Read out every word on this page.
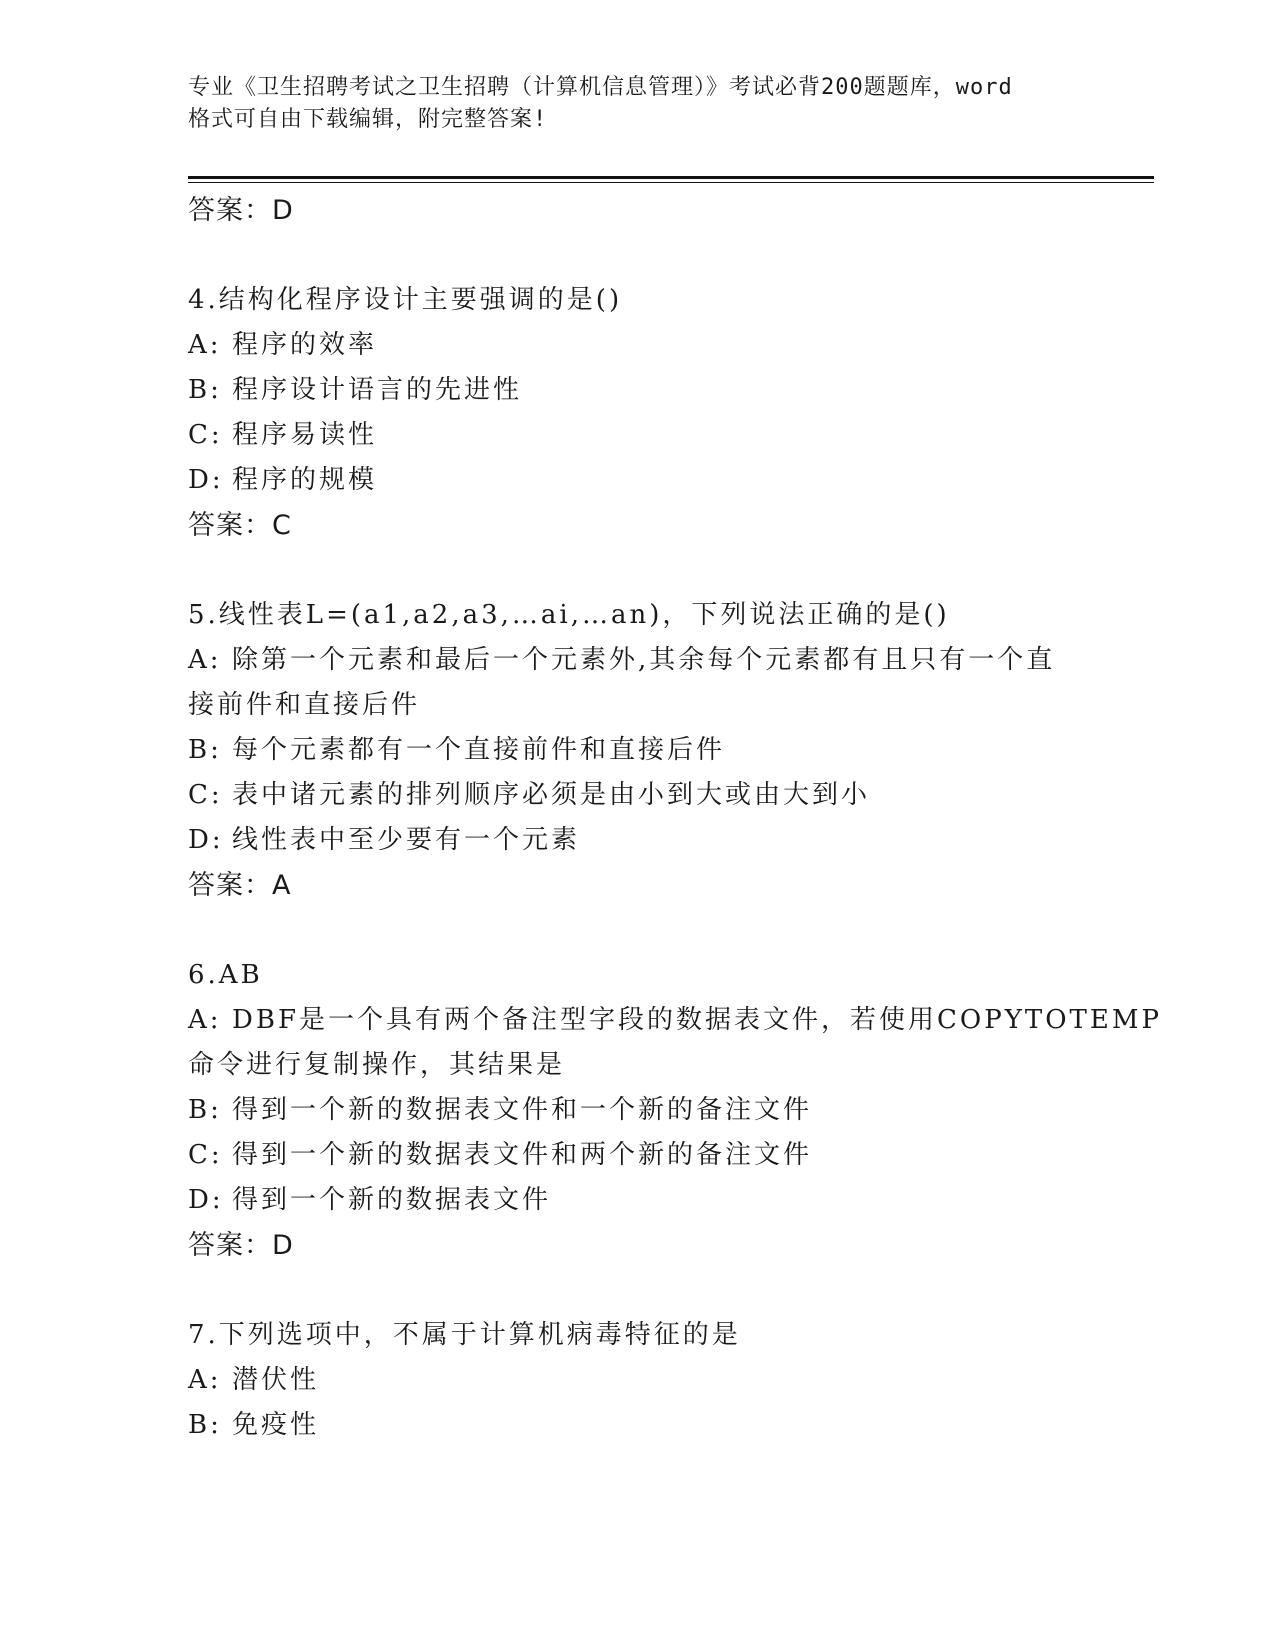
专业《卫生招聘考试之卫生招聘（计算机信息管理）》考试必背200题题库，word
格式可自由下载编辑，附完整答案!
答案：D
4.结构化程序设计主要强调的是()
A: 程序的效率
B: 程序设计语言的先进性
C: 程序易读性
D: 程序的规模
答案：C
5.线性表L=(a1,a2,a3,…ai,…an)，下列说法正确的是()
A: 除第一个元素和最后一个元素外,其余每个元素都有且只有一个直
接前件和直接后件
B: 每个元素都有一个直接前件和直接后件
C: 表中诸元素的排列顺序必须是由小到大或由大到小
D: 线性表中至少要有一个元素
答案：A
6.AB
A: DBF是一个具有两个备注型字段的数据表文件，若使用COPYTOTEMP
命令进行复制操作，其结果是
B: 得到一个新的数据表文件和一个新的备注文件
C: 得到一个新的数据表文件和两个新的备注文件
D: 得到一个新的数据表文件
答案：D
7.下列选项中，不属于计算机病毒特征的是
A: 潜伏性
B: 免疫性
